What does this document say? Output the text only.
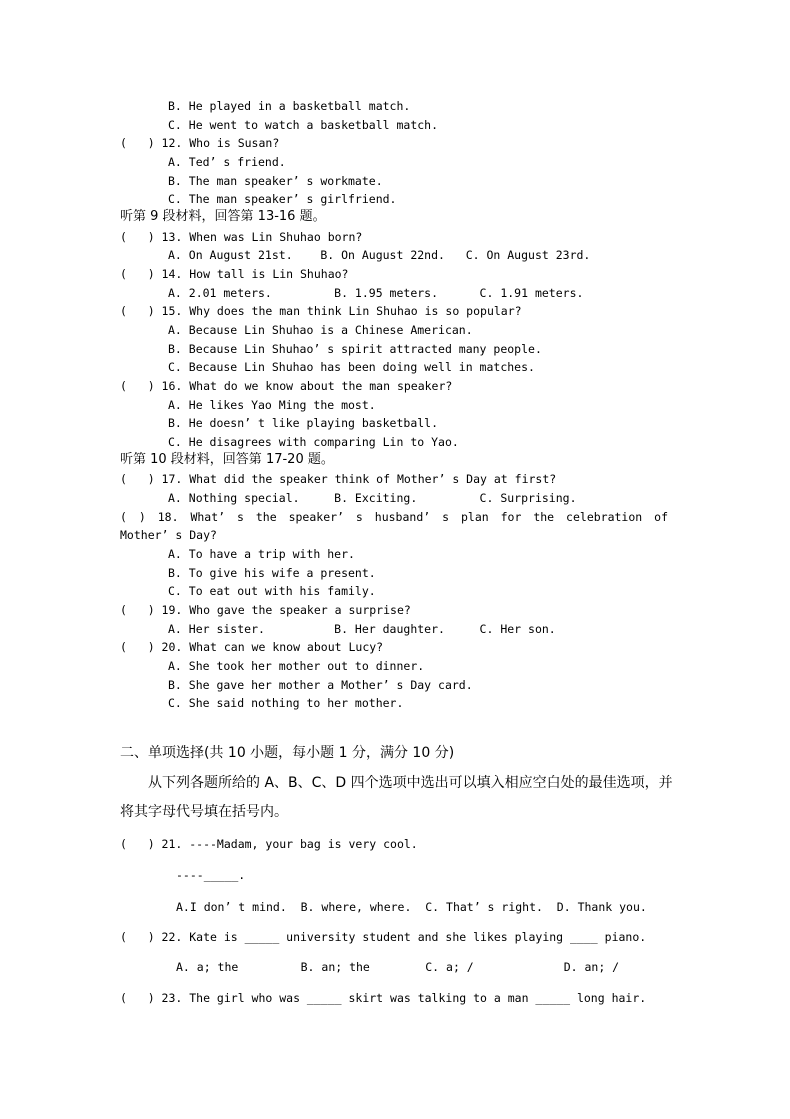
B. He played in a basketball match.
C. He went to watch a basketball match.
(   ) 12. Who is Susan?
A. Ted’ s friend.
B. The man speaker’ s workmate.
C. The man speaker’ s girlfriend.
听第 9 段材料，回答第 13-16 题。
(   ) 13. When was Lin Shuhao born?
A. On August 21st.    B. On August 22nd.   C. On August 23rd.
(   ) 14. How tall is Lin Shuhao?
A. 2.01 meters.         B. 1.95 meters.      C. 1.91 meters.
(   ) 15. Why does the man think Lin Shuhao is so popular?
A. Because Lin Shuhao is a Chinese American.
B. Because Lin Shuhao’ s spirit attracted many people.
C. Because Lin Shuhao has been doing well in matches.
(   ) 16. What do we know about the man speaker?
A. He likes Yao Ming the most.
B. He doesn’ t like playing basketball.
C. He disagrees with comparing Lin to Yao.
听第 10 段材料，回答第 17-20 题。
(   ) 17. What did the speaker think of Mother’ s Day at first?
A. Nothing special.     B. Exciting.         C. Surprising.
( ) 18. What’ s the speaker’ s husband’ s plan for the celebration of
Mother’ s Day?
A. To have a trip with her.
B. To give his wife a present.
C. To eat out with his family.
(   ) 19. Who gave the speaker a surprise?
A. Her sister.          B. Her daughter.     C. Her son.
(   ) 20. What can we know about Lucy?
A. She took her mother out to dinner.
B. She gave her mother a Mother’ s Day card.
C. She said nothing to her mother.
二、单项选择(共 10 小题，每小题 1 分，满分 10 分)
从下列各题所给的 A、B、C、D 四个选项中选出可以填入相应空白处的最佳选项，并
将其字母代号填在括号内。
(   ) 21. ----Madam, your bag is very cool.
----_____.
A.I don’ t mind.  B. where, where.  C. That’ s right.  D. Thank you.
(   ) 22. Kate is _____ university student and she likes playing ____ piano.
A. a; the         B. an; the        C. a; /             D. an; /
(   ) 23. The girl who was _____ skirt was talking to a man _____ long hair.
